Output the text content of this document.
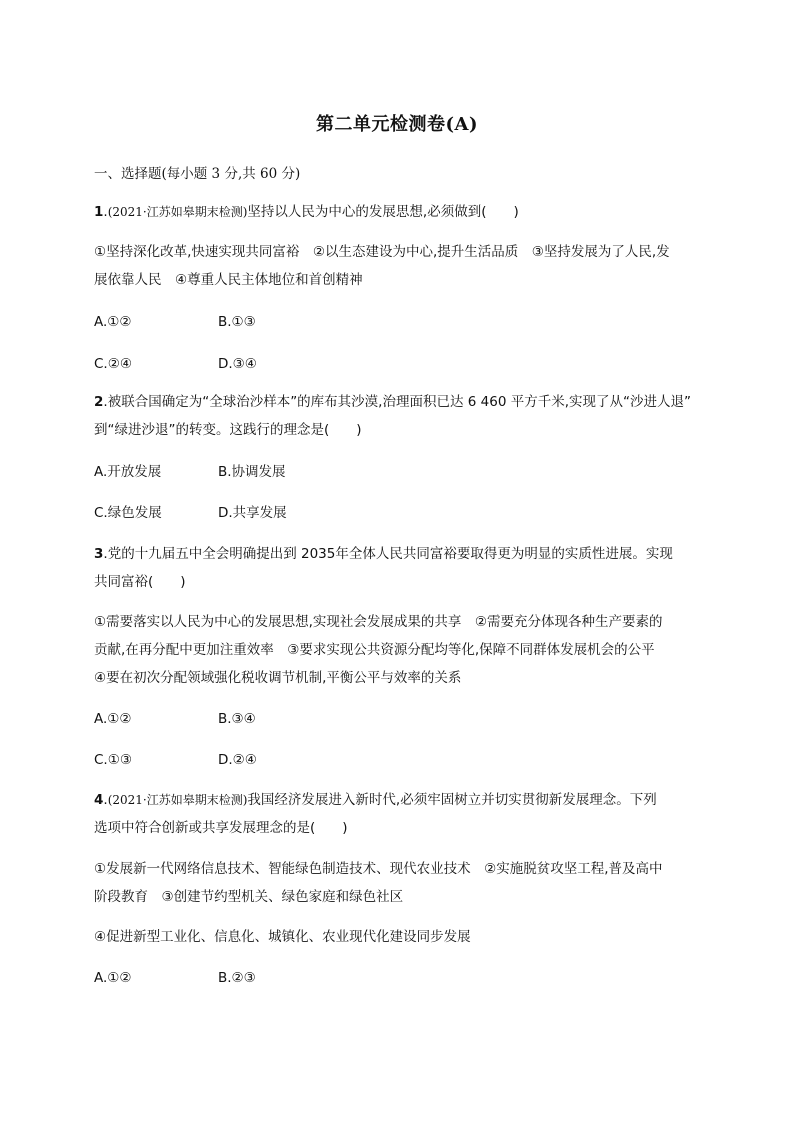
第二单元检测卷(A)
一、选择题(每小题 3 分,共 60 分)
1.(2021·江苏如皋期末检测)坚持以人民为中心的发展思想,必须做到(　　)
①坚持深化改革,快速实现共同富裕　②以生态建设为中心,提升生活品质　③坚持发展为了人民,发
展依靠人民　④尊重人民主体地位和首创精神
A.①②	B.①③
C.②④	D.③④
2.被联合国确定为“全球治沙样本”的库布其沙漠,治理面积已达 6 460 平方千米,实现了从“沙进人退”
到“绿进沙退”的转变。这践行的理念是(　　)
A.开放发展	B.协调发展
C.绿色发展	D.共享发展
3.党的十九届五中全会明确提出到 2035年全体人民共同富裕要取得更为明显的实质性进展。实现
共同富裕(　　)
①需要落实以人民为中心的发展思想,实现社会发展成果的共享　②需要充分体现各种生产要素的
贡献,在再分配中更加注重效率　③要求实现公共资源分配均等化,保障不同群体发展机会的公平
④要在初次分配领域强化税收调节机制,平衡公平与效率的关系
A.①②	B.③④
C.①③	D.②④
4.(2021·江苏如皋期末检测)我国经济发展进入新时代,必须牢固树立并切实贯彻新发展理念。下列
选项中符合创新或共享发展理念的是(　　)
①发展新一代网络信息技术、智能绿色制造技术、现代农业技术　②实施脱贫攻坚工程,普及高中
阶段教育　③创建节约型机关、绿色家庭和绿色社区
④促进新型工业化、信息化、城镇化、农业现代化建设同步发展
A.①②	B.②③
